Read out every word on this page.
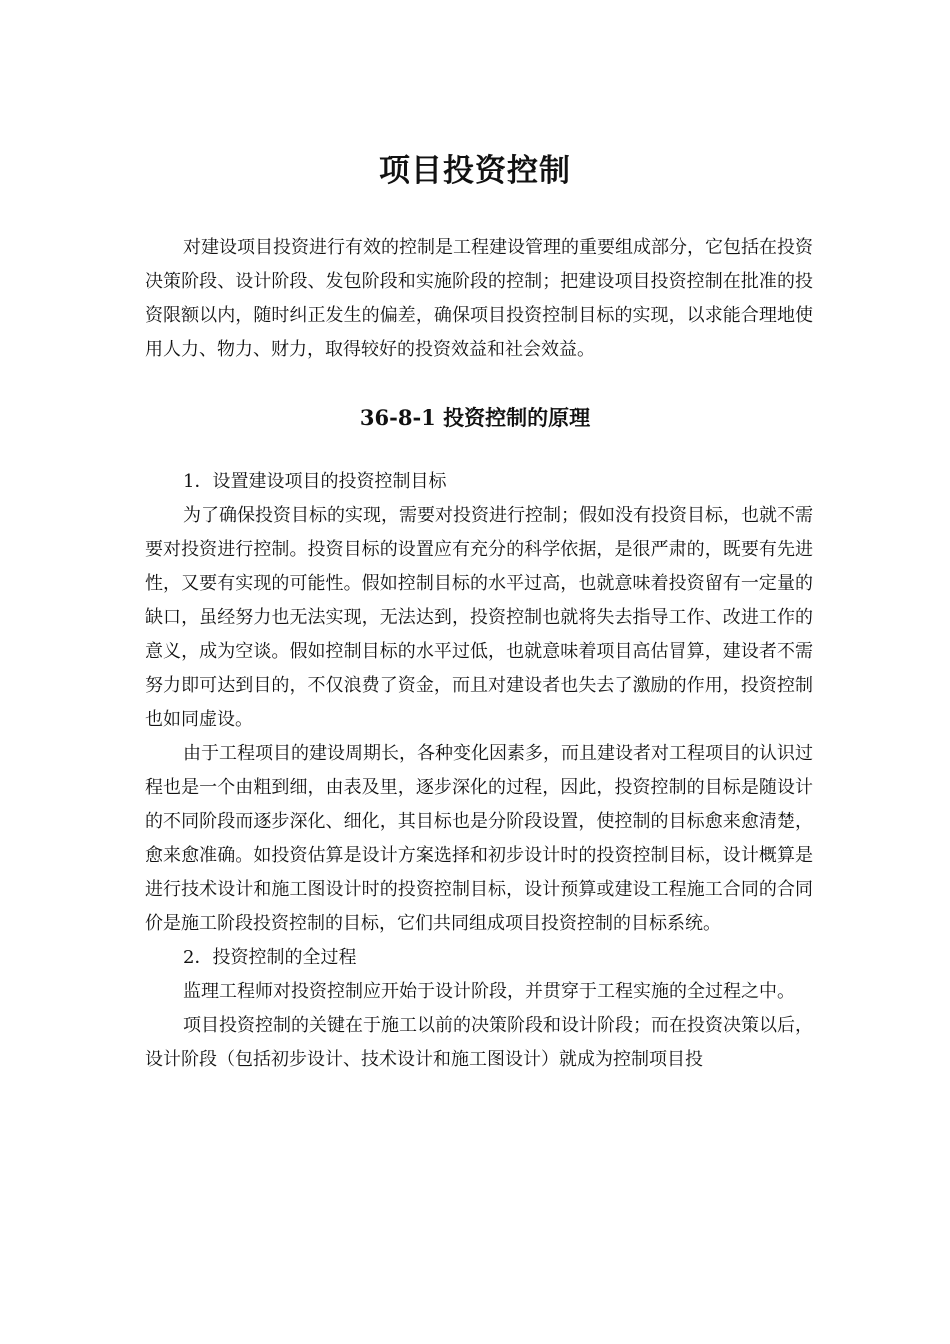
项目投资控制

对建设项目投资进行有效的控制是工程建设管理的重要组成部分，它包括在投资决策阶段、设计阶段、发包阶段和实施阶段的控制；把建设项目投资控制在批准的投资限额以内，随时纠正发生的偏差，确保项目投资控制目标的实现，以求能合理地使用人力、物力、财力，取得较好的投资效益和社会效益。

36-8-1 投资控制的原理

1．设置建设项目的投资控制目标

为了确保投资目标的实现，需要对投资进行控制；假如没有投资目标，也就不需要对投资进行控制。投资目标的设置应有充分的科学依据，是很严肃的，既要有先进性，又要有实现的可能性。假如控制目标的水平过高，也就意味着投资留有一定量的缺口，虽经努力也无法实现，无法达到，投资控制也就将失去指导工作、改进工作的意义，成为空谈。假如控制目标的水平过低，也就意味着项目高估冒算，建设者不需努力即可达到目的，不仅浪费了资金，而且对建设者也失去了激励的作用，投资控制也如同虚设。

由于工程项目的建设周期长，各种变化因素多，而且建设者对工程项目的认识过程也是一个由粗到细，由表及里，逐步深化的过程，因此，投资控制的目标是随设计的不同阶段而逐步深化、细化，其目标也是分阶段设置，使控制的目标愈来愈清楚，愈来愈准确。如投资估算是设计方案选择和初步设计时的投资控制目标，设计概算是进行技术设计和施工图设计时的投资控制目标，设计预算或建设工程施工合同的合同价是施工阶段投资控制的目标，它们共同组成项目投资控制的目标系统。

2．投资控制的全过程

监理工程师对投资控制应开始于设计阶段，并贯穿于工程实施的全过程之中。

项目投资控制的关键在于施工以前的决策阶段和设计阶段；而在投资决策以后，设计阶段（包括初步设计、技术设计和施工图设计）就成为控制项目投
